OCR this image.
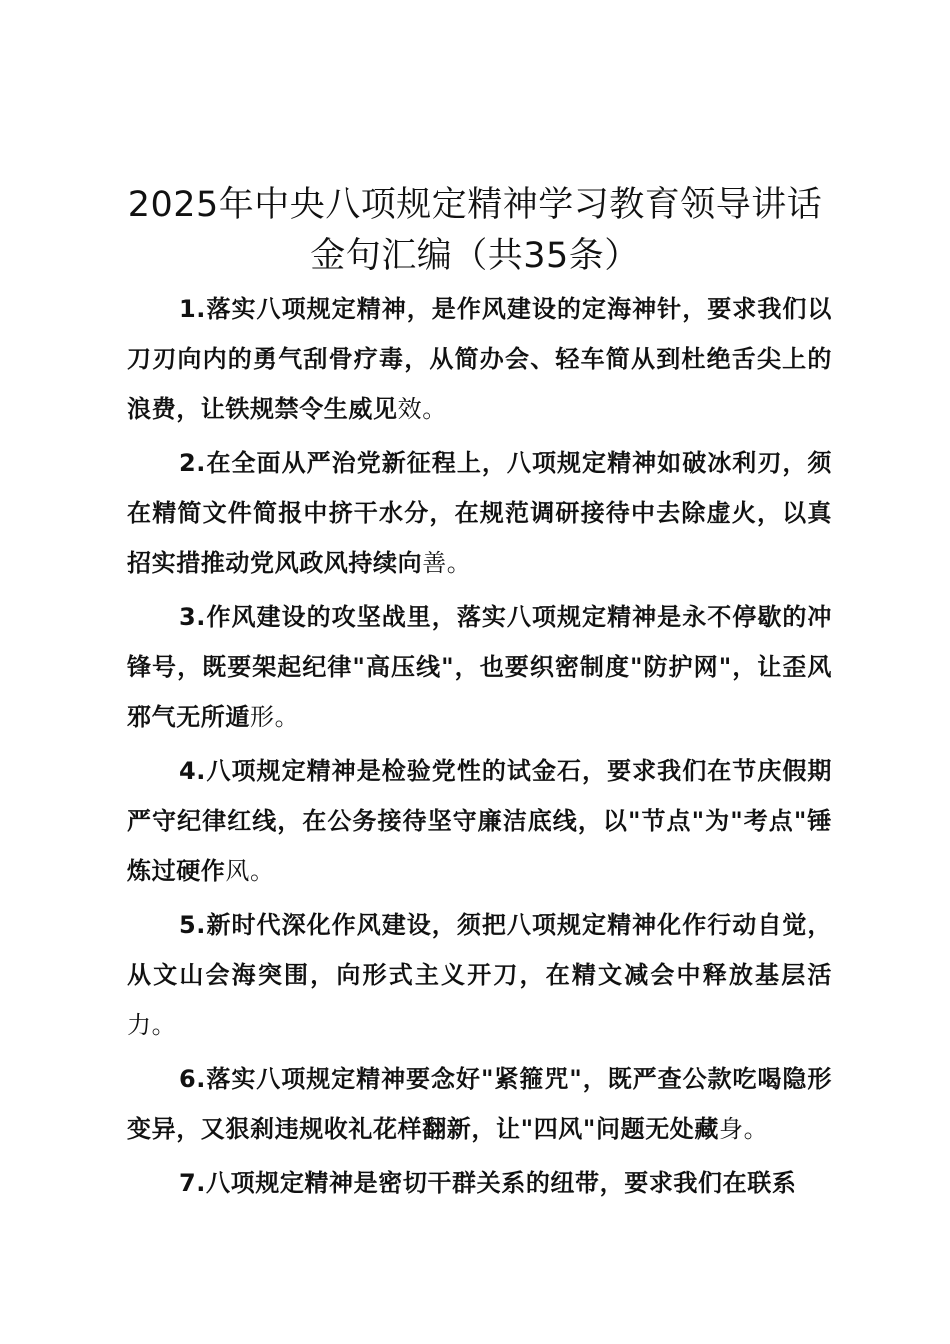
2025年中央八项规定精神学习教育领导讲话
金句汇编（共35条）

1.落实八项规定精神，是作风建设的定海神针，要求我们以刀刃向内的勇气刮骨疗毒，从简办会、轻车简从到杜绝舌尖上的浪费，让铁规禁令生威见效。

2.在全面从严治党新征程上，八项规定精神如破冰利刃，须在精简文件简报中挤干水分，在规范调研接待中去除虚火，以真招实措推动党风政风持续向善。

3.作风建设的攻坚战里，落实八项规定精神是永不停歇的冲锋号，既要架起纪律"高压线"，也要织密制度"防护网"，让歪风邪气无所遁形。

4.八项规定精神是检验党性的试金石，要求我们在节庆假期严守纪律红线，在公务接待坚守廉洁底线，以"节点"为"考点"锤炼过硬作风。

5.新时代深化作风建设，须把八项规定精神化作行动自觉，从文山会海突围，向形式主义开刀，在精文减会中释放基层活力。

6.落实八项规定精神要念好"紧箍咒"，既严查公款吃喝隐形变异，又狠刹违规收礼花样翻新，让"四风"问题无处藏身。

7.八项规定精神是密切干群关系的纽带，要求我们在联系
